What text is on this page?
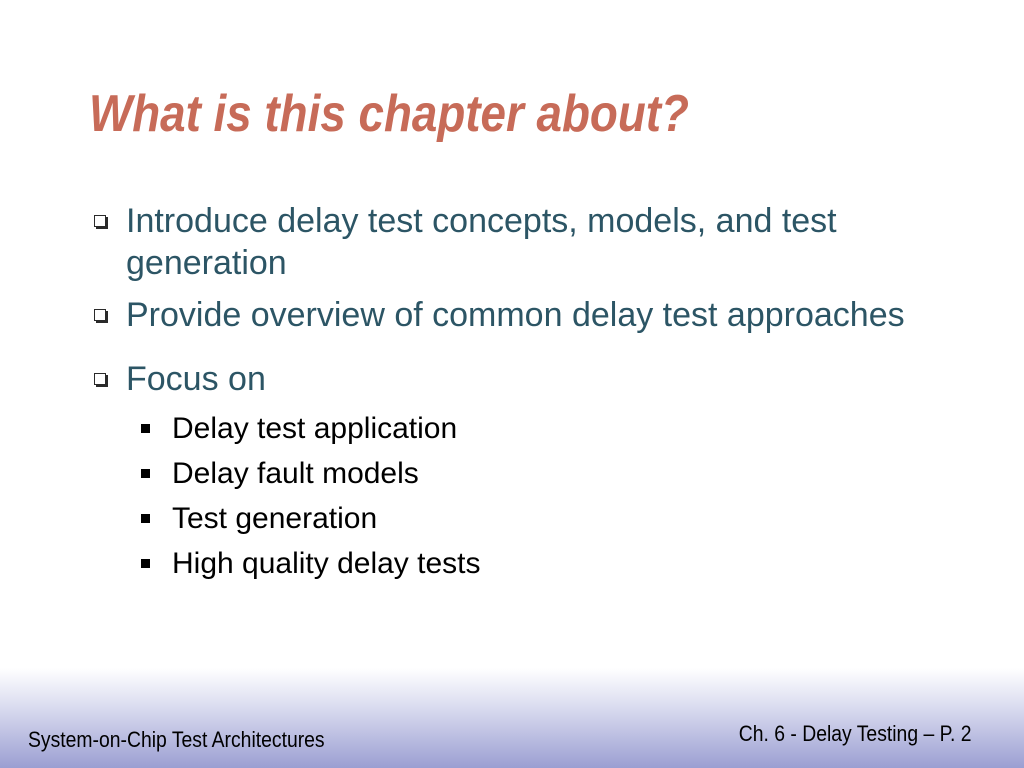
What is this chapter about?
Introduce delay test concepts, models, and test generation
Provide overview of common delay test approaches
Focus on
Delay test application
Delay fault models
Test generation
High quality delay tests
System-on-Chip Test Architectures	Ch. 6 - Delay Testing – P. 2
